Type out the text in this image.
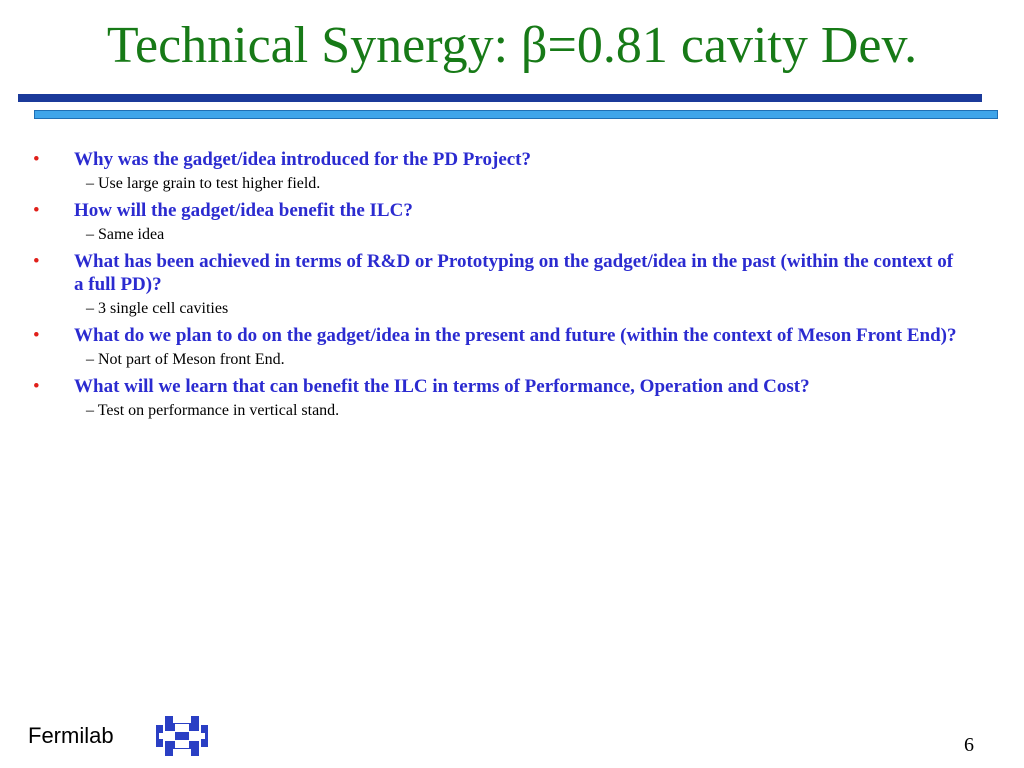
Technical Synergy: β=0.81 cavity Dev.
• Why was the gadget/idea introduced for the PD Project?
– Use large grain to test higher field.
• How will the gadget/idea benefit the ILC?
– Same idea
• What has been achieved in terms of R&D or Prototyping on the gadget/idea in the past (within the context of a full PD)?
– 3 single cell cavities
• What do we plan to do on the gadget/idea in the present and future (within the context of Meson Front End)?
– Not part of Meson front End.
• What will we learn that can benefit the ILC in terms of Performance, Operation and Cost?
– Test on performance in vertical stand.
Fermilab	6
